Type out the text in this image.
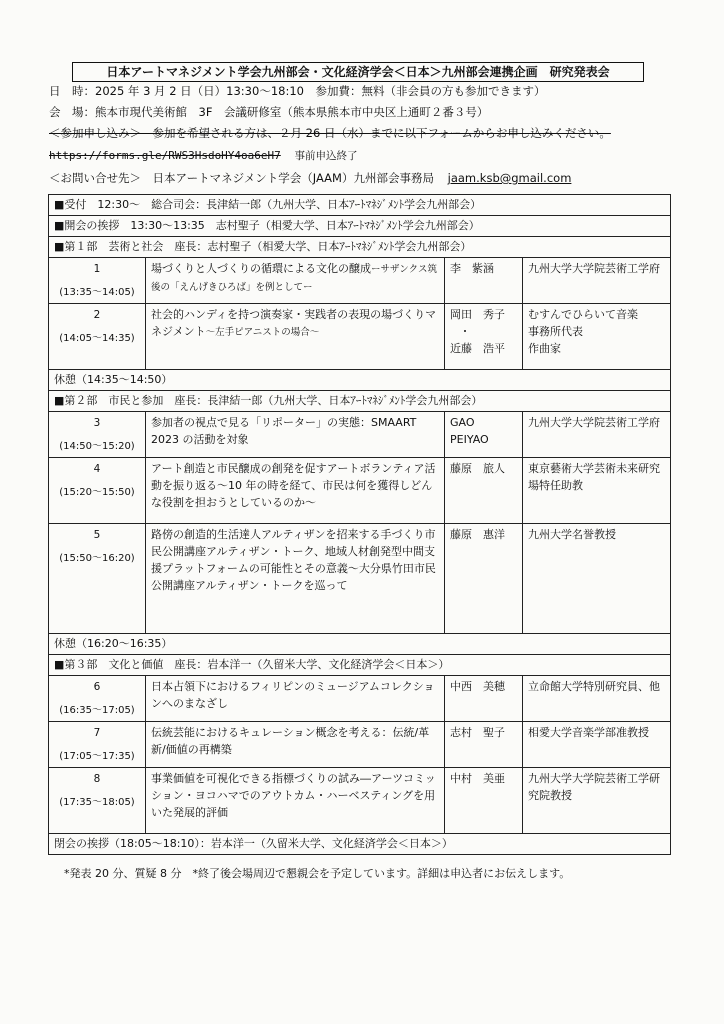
日本アートマネジメント学会九州部会・文化経済学会＜日本＞九州部会連携企画　研究発表会
日　時：2025 年 3 月 2 日（日）13:30～18:10　参加費：無料（非会員の方も参加できます）
会　場：熊本市現代美術館　3F　会議研修室（熊本県熊本市中央区上通町２番３号）
＜参加申し込み＞　参加を希望される方は、２月 26 日（水）までに以下フォームからお申し込みください。
https://forms.gle/RWS3HsdoHY4oa6eH7 事前申込終了
＜お問い合せ先＞　日本アートマネジメント学会（JAAM）九州部会事務局 jaam.ksb@gmail.com
■受付　12:30～　総合司会：長津結一郎（九州大学、日本ｱｰﾄﾏﾈｼﾞﾒﾝﾄ学会九州部会）			
■開会の挨拶　13:30～13:35　志村聖子（相愛大学、日本ｱｰﾄﾏﾈｼﾞﾒﾝﾄ学会九州部会）			
■第１部　芸術と社会　座長：志村聖子（相愛大学、日本ｱｰﾄﾏﾈｼﾞﾒﾝﾄ学会九州部会）			

1
(13:35～14:05)	場づくりと人づくりの循環による文化の醸成ーサザンクス筑後の「えんげきひろば」を例としてー	李　紫涵	九州大学大学院芸術工学府

2
(14:05～14:35)	社会的ハンディを持つ演奏家・実践者の表現の場づくりマネジメント～左手ピアニストの場合～	岡田　秀子
・
近藤　浩平	むすんでひらいて音楽
事務所代表
作曲家

休憩（14:35～14:50）			
■第２部　市民と参加　座長：長津結一郎（九州大学、日本ｱｰﾄﾏﾈｼﾞﾒﾝﾄ学会九州部会）			

3
(14:50～15:20)	参加者の視点で見る「リポーター」の実態：SMAART　2023 の活動を対象	GAO
PEIYAO	九州大学大学院芸術工学府

4
(15:20～15:50)	アート創造と市民醸成の創発を促すアートボランティア活動を振り返る～10 年の時を経て、市民は何を獲得しどんな役割を担おうとしているのか～	藤原　旅人	東京藝術大学芸術未来研究場特任助教

5
(15:50～16:20)	路傍の創造的生活達人アルティザンを招来する手づくり市民公開講座アルティザン・トーク、地域人材創発型中間支援プラットフォームの可能性とその意義～大分県竹田市民公開講座アルティザン・トークを巡って	藤原　惠洋	九州大学名誉教授

休憩（16:20～16:35）			
■第３部　文化と価値　座長：岩本洋一（久留米大学、文化経済学会＜日本＞）			

6
(16:35～17:05)	日本占領下におけるフィリピンのミュージアムコレクションへのまなざし	中西　美穂	立命館大学特別研究員、他

7
(17:05～17:35)	伝統芸能におけるキュレーション概念を考える：伝統/革新/価値の再構築	志村　聖子	相愛大学音楽学部准教授

8
(17:35～18:05)	事業価値を可視化できる指標づくりの試み―アーツコミッション・ヨコハマでのアウトカム・ハーベスティングを用いた発展的評価	中村　美亜	九州大学大学院芸術工学研究院教授

閉会の挨拶（18:05～18:10）：岩本洋一（久留米大学、文化経済学会＜日本＞）			
*発表 20 分、質疑 8 分　*終了後会場周辺で懇親会を予定しています。詳細は申込者にお伝えします。
